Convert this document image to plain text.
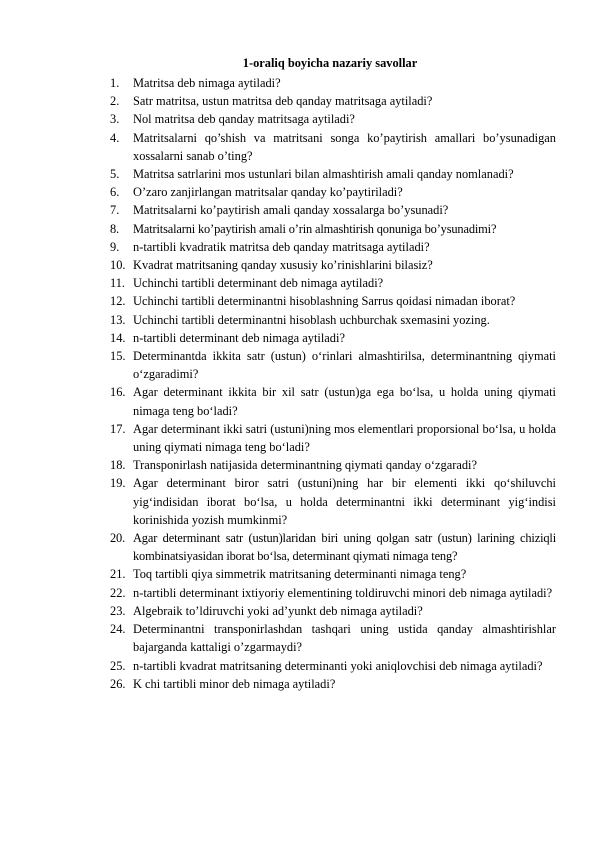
1-oraliq boyicha nazariy savollar
1. Matritsa deb nimaga aytiladi?
2. Satr matritsa, ustun matritsa deb qanday matritsaga aytiladi?
3. Nol matritsa deb qanday matritsaga aytiladi?
4. Matritsalarni qo’shish va matritsani songa ko’paytirish amallari bo’ysunadigan xossalarni sanab o’ting?
5. Matritsa satrlarini mos ustunlari bilan almashtirish amali qanday nomlanadi?
6. O’zaro zanjirlangan matritsalar qanday ko’paytiriladi?
7. Matritsalarni ko’paytirish amali qanday xossalarga bo’ysunadi?
8. Matritsalarni ko’paytirish amali o’rin almashtirish qonuniga bo’ysunadimi?
9. n-tartibli kvadratik matritsa deb qanday matritsaga aytiladi?
10. Kvadrat matritsaning qanday xususiy ko’rinishlarini bilasiz?
11. Uchinchi tartibli determinant deb nimaga aytiladi?
12. Uchinchi tartibli determinantni hisoblashning Sarrus qoidasi nimadan iborat?
13. Uchinchi tartibli determinantni hisoblash uchburchak sxemasini yozing.
14. n-tartibli determinant deb nimaga aytiladi?
15. Determinantda ikkita satr (ustun) o‘rinlari almashtirilsa, determinantning qiymati o‘zgaradimi?
16. Agar determinant ikkita bir xil satr (ustun)ga ega bo‘lsa, u holda uning qiymati nimaga teng bo‘ladi?
17. Agar determinant ikki satri (ustuni)ning mos elementlari proporsional bo‘lsa, u holda uning qiymati nimaga teng bo‘ladi?
18. Transponirlash natijasida determinantning qiymati qanday o‘zgaradi?
19. Agar determinant biror satri (ustuni)ning har bir elementi ikki qo‘shiluvchi yig‘indisidan iborat bo‘lsa, u holda determinantni ikki determinant yig‘indisi korinishida yozish mumkinmi?
20. Agar determinant satr (ustun)laridan biri uning qolgan satr (ustun) larining chiziqli kombinatsiyasidan iborat bo‘lsa, determinant qiymati nimaga teng?
21. Toq tartibli qiya simmetrik matritsaning determinanti nimaga teng?
22. n-tartibli determinant ixtiyoriy elementining toldiruvchi minori deb nimaga aytiladi?
23. Algebraik to’ldiruvchi yoki ad’yunkt deb nimaga aytiladi?
24. Determinantni transponirlashdan tashqari uning ustida qanday almashtirishlar bajarganda kattaligi o’zgarmaydi?
25. n-tartibli kvadrat matritsaning determinanti yoki aniqlovchisi deb nimaga aytiladi?
26. K chi tartibli minor deb nimaga aytiladi?
